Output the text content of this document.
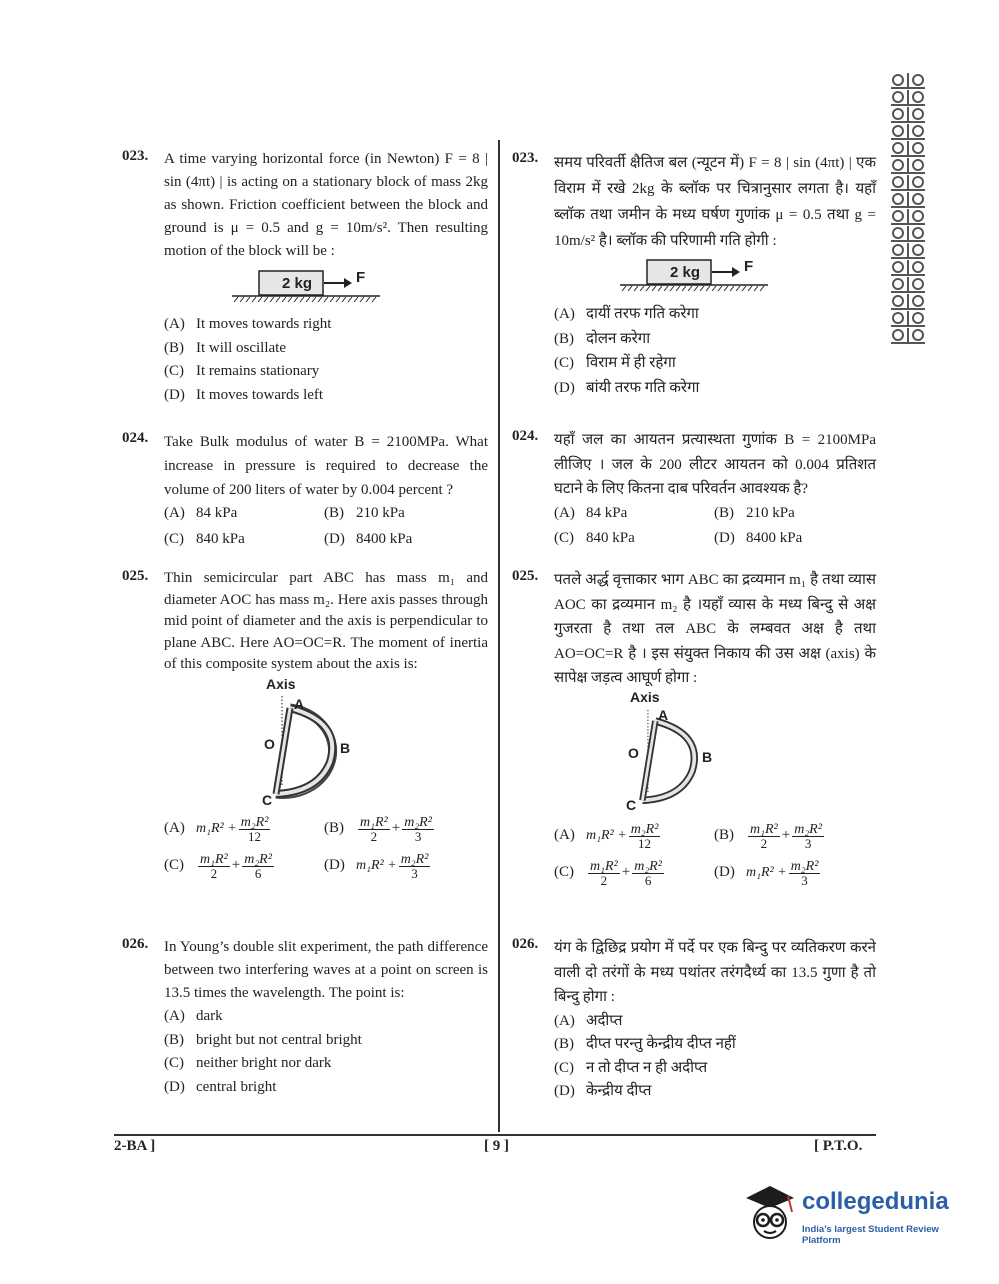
023. A time varying horizontal force (in Newton) F = 8 | sin (4πt) | is acting on a stationary block of mass 2kg as shown. Friction coefficient between the block and ground is μ = 0.5 and g = 10m/s². Then resulting motion of the block will be :
2 kg	F
(A) It moves towards right
(B) It will oscillate
(C) It remains stationary
(D) It moves towards left
024. Take Bulk modulus of water B = 2100MPa. What increase in pressure is required to decrease the volume of 200 liters of water by 0.004 percent ?
(A) 84 kPa	(B) 210 kPa
(C) 840 kPa	(D) 8400 kPa
025. Thin semicircular part ABC has mass m₁ and diameter AOC has mass m₂. Here axis passes through mid point of diameter and the axis is perpendicular to plane ABC. Here AO=OC=R. The moment of inertia of this composite system about the axis is:
Axis
A
O	B
C
(A) $m_1R^2 + \frac{\text{m₂R²}}{12}$	(B)	$\frac{\text{m₁R²}}{2} + \frac{\text{m₂R²}}{3}$
(C)	$\frac{\text{m₁R²}}{2} + \frac{\text{m₂R²}}{6}$	(D) $m_1R^2 + \frac{\text{m₂R²}}{3}$
026. In Young’s double slit experiment, the path difference between two interfering waves at a point on screen is 13.5 times the wavelength. The point is:
(A) dark
(B) bright but not central bright
(C) neither bright nor dark
(D) central bright
023. समय परिवर्ती क्षैतिज बल (न्यूटन में) F = 8 | sin (4πt) | एक विराम में रखे 2kg के ब्लॉक पर चित्रानुसार लगता है। यहाँ ब्लॉक तथा जमीन के मध्य घर्षण गुणांक μ = 0.5 तथा g = 10m/s² है। ब्लॉक की परिणामी गति होगी :
2 kg	F
(A) दायीं तरफ गति करेगा
(B) दोलन करेगा
(C) विराम में ही रहेगा
(D) बांयी तरफ गति करेगा
024. यहाँ जल का आयतन प्रत्यास्थता गुणांक B = 2100MPa लीजिए । जल के 200 लीटर आयतन को 0.004 प्रतिशत घटाने के लिए कितना दाब परिवर्तन आवश्यक है?
(A) 84 kPa	(B) 210 kPa
(C) 840 kPa	(D) 8400 kPa
025. पतले अर्द्ध वृत्ताकार भाग ABC का द्रव्यमान m₁ है तथा व्यास AOC का द्रव्यमान m₂ है ।यहाँ व्यास के मध्य बिन्दु से अक्ष गुजरता है तथा तल ABC के लम्बवत अक्ष है तथा AO=OC=R है । इस संयुक्त निकाय की उस अक्ष (axis) के सापेक्ष जड़त्व आघूर्ण होगा :
Axis
A
O	B
C
(A) $m_1R^2 + \frac{\text{m₂R²}}{12}$	(B)	$\frac{\text{m₁R²}}{2} + \frac{\text{m₂R²}}{3}$
(C)	$\frac{\text{m₁R²}}{2} + \frac{\text{m₂R²}}{6}$	(D) $m_1R^2 + \frac{\text{m₂R²}}{3}$
026. यंग के द्विछिद्र प्रयोग में पर्दे पर एक बिन्दु पर व्यतिकरण करने वाली दो तरंगों के मध्य पथांतर तरंगदैर्ध्य का 13.5 गुणा है तो बिन्दु होगा :
(A) अदीप्त
(B) दीप्त परन्तु केन्द्रीय दीप्त नहीं
(C) न तो दीप्त न ही अदीप्त
(D) केन्द्रीय दीप्त
2-BA ]	[ 9 ]	[ P.T.O.
collegedunia
India’s largest Student Review Platform
